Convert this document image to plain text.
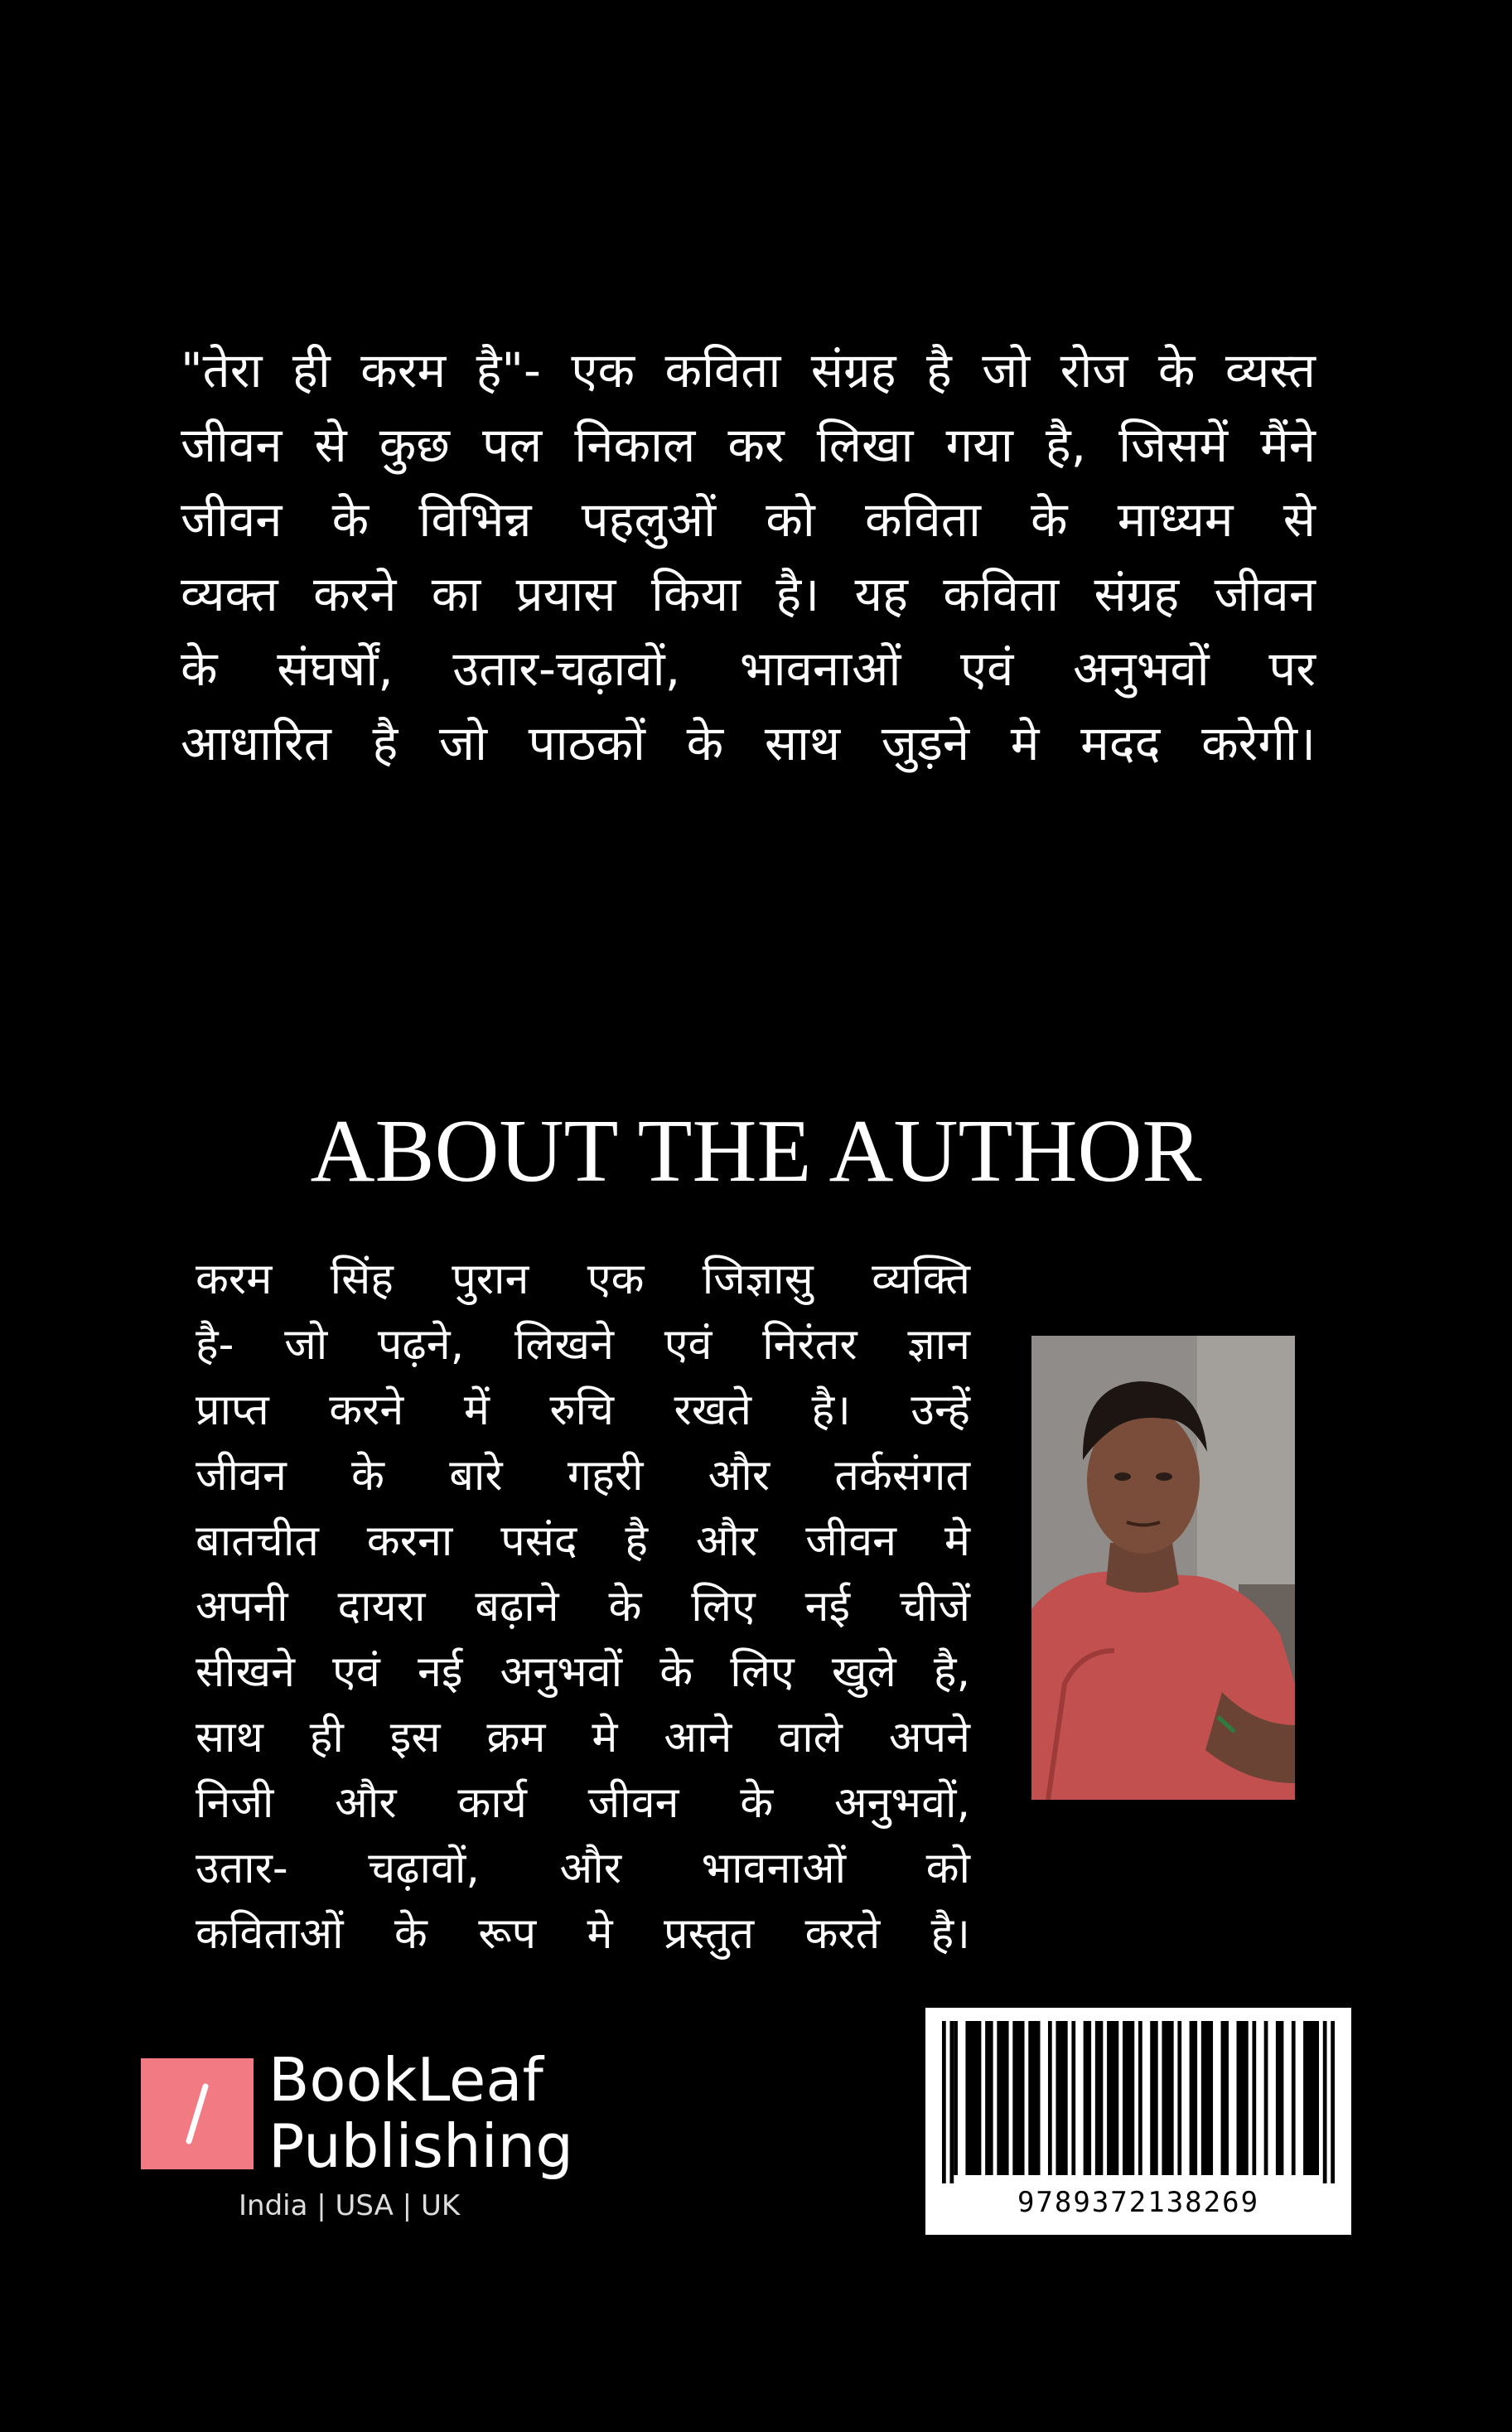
"तेरा ही करम है"- एक कविता संग्रह है जो रोज के व्यस्त
जीवन से कुछ पल निकाल कर लिखा गया है, जिसमें मैंने
जीवन के विभिन्न पहलुओं को कविता के माध्यम से
व्यक्त करने का प्रयास किया है। यह कविता संग्रह जीवन
के संघर्षों, उतार-चढ़ावों, भावनाओं एवं अनुभवों पर
आधारित है जो पाठकों के साथ जुड़ने मे मदद करेगी।
ABOUT THE AUTHOR
करम सिंह पुरान एक जिज्ञासु व्यक्ति
है- जो पढ़ने, लिखने एवं निरंतर ज्ञान
प्राप्त करने में रुचि रखते है। उन्हें
जीवन के बारे गहरी और तर्कसंगत
बातचीत करना पसंद है और जीवन मे
अपनी दायरा बढ़ाने के लिए नई चीजें
सीखने एवं नई अनुभवों के लिए खुले है,
साथ ही इस क्रम मे आने वाले अपने
निजी और कार्य जीवन के अनुभवों,
उतार- चढ़ावों, और भावनाओं को
कविताओं के रूप मे प्रस्तुत करते है।
BookLeaf
Publishing
India | USA | UK	9789372138269
